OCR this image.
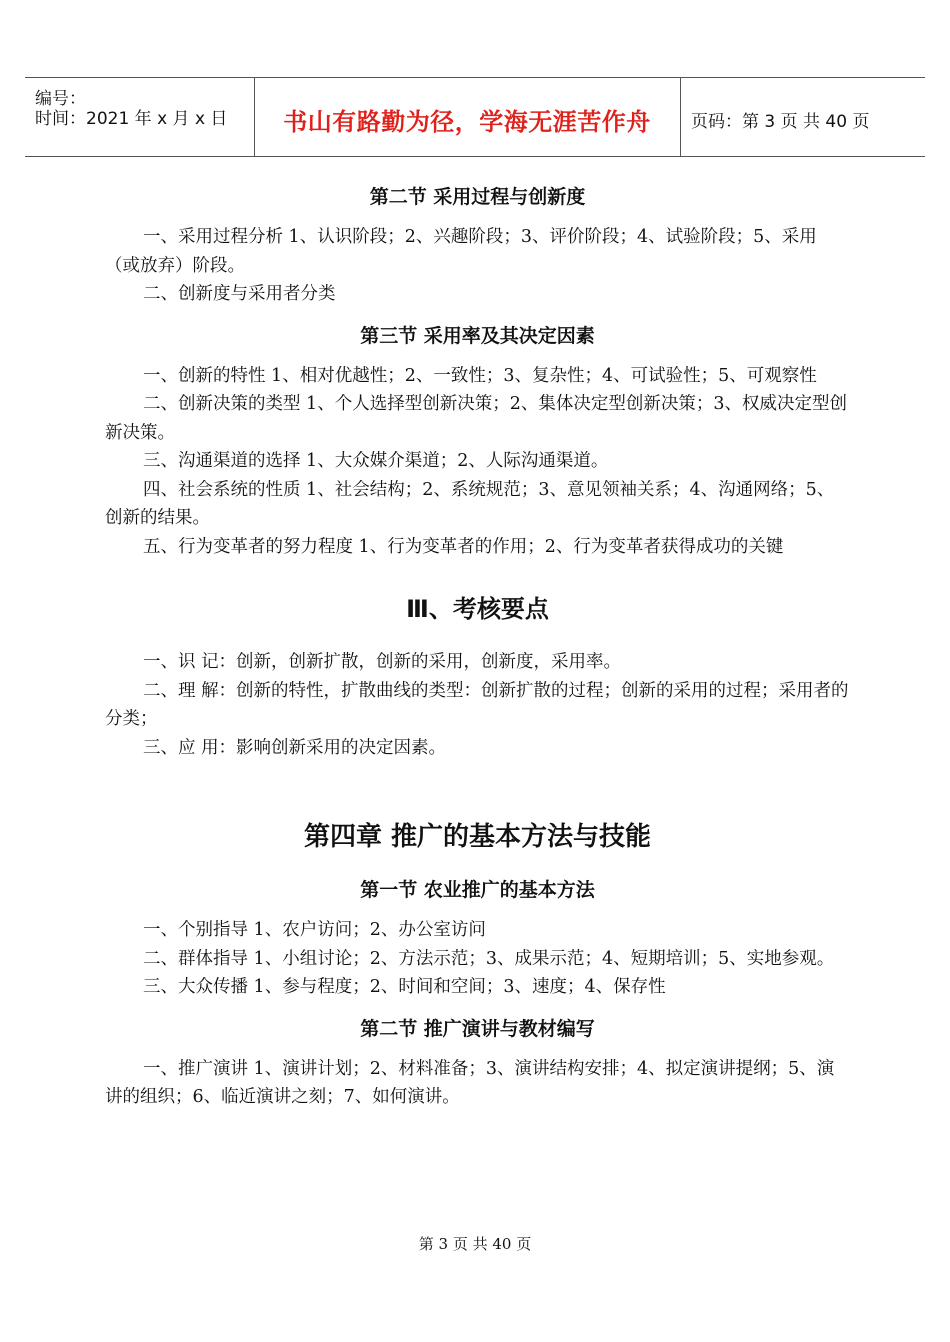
编号：
时间：2021 年 x 月 x 日	书山有路勤为径，学海无涯苦作舟	页码：第 3 页 共 40 页
第二节 采用过程与创新度

一、采用过程分析 1、认识阶段；2、兴趣阶段；3、评价阶段；4、试验阶段；5、采用（或放弃）阶段。

二、创新度与采用者分类

第三节 采用率及其决定因素

一、创新的特性 1、相对优越性；2、一致性；3、复杂性；4、可试验性；5、可观察性

二、创新决策的类型 1、个人选择型创新决策；2、集体决定型创新决策；3、权威决定型创新决策。

三、沟通渠道的选择 1、大众媒介渠道；2、人际沟通渠道。

四、社会系统的性质 1、社会结构；2、系统规范；3、意见领袖关系；4、沟通网络；5、创新的结果。

五、行为变革者的努力程度 1、行为变革者的作用；2、行为变革者获得成功的关键

Ⅲ、考核要点

一、识 记：创新，创新扩散，创新的采用，创新度，采用率。

二、理 解：创新的特性，扩散曲线的类型：创新扩散的过程；创新的采用的过程；采用者的分类；

三、应 用：影响创新采用的决定因素。

第四章 推广的基本方法与技能
第一节 农业推广的基本方法

一、个别指导 1、农户访问；2、办公室访问

二、群体指导 1、小组讨论；2、方法示范；3、成果示范；4、短期培训；5、实地参观。

三、大众传播 1、参与程度；2、时间和空间；3、速度；4、保存性

第二节 推广演讲与教材编写

一、推广演讲 1、演讲计划；2、材料准备；3、演讲结构安排；4、拟定演讲提纲；5、演讲的组织；6、临近演讲之刻；7、如何演讲。

第 3 页 共 40 页
